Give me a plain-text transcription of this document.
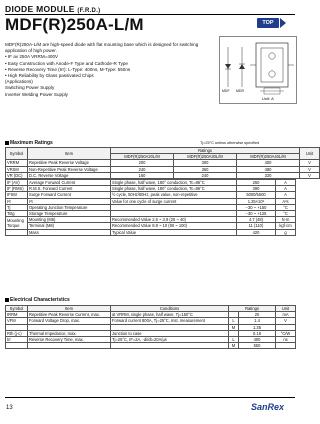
DIODE MODULE (F.R.D.)
MDF(R)250A-L/M	TOP
MDF(R)250A-L/M are high-speed diode with flat mounting base which is designed for switching application of high power.
• IF av 250A VRRM=400V
• Easy Construction with Anode-F Type and Cathode-R Type
• Reverse Recovery Time (trr): L-Type: 400ns, M-Type: 550ns
• High Reliability by Glass passivated Chips
(Applications)
Switching Power Supply
Inverter Welding Power Supply
MDF MDR
Unit: A
Maximum Ratings	Tj=25°C unless otherwise specified
Symbol	Item	Ratings			Unit
		MDF(R)250A20L/M	MDF(R)250A30L/M	MDF(R)250A40L/M	
VRRM	Repetitive Peak Reverse Voltage	200	300	400	V
VRSM	Non-Repetitive Peak Reverse Voltage	240	360	480	V
VR (DC)	D.C. Reverse Voltage	160	240	320	V
IF (AV)	Average Forward Current	Single phase, half wave, 180° conduction, Tc=86°C	250	A
IF (RMS)	R.M.S. Forward Current	Single phase, half wave, 180° conduction, Tc=86°C	390	A
IFSM	Surge Forward Current	½ cycle, 50Hz/60Hz, peak value, non-repetitive	5000/5500	A
I²t	I²t	Value for one cycle of surge current	1.25×10⁵	A²s
Tj	Operating Junction Temperature		−30 ~ +150	°C
Tstg	Storage Temperature		−30 ~ +125	°C
Mounting Torque	Mounting (M6)	Recommended Value 2.5 ~ 3.9 (25 ~ 40)	4.7 (48)	N·m
	Terminal (M8)	Recommended Value 8.8 ~ 10 (90 ~ 100)	11 (110)	kgf·cm
	Mass	Typical Value	420	g
Electrical Characteristics
Symbol	Item	Conditions	Ratings		Unit
IRRM	Repetitive Peak Reverse Current, max.	at VRRM, single phase, half wave, Tj=150°C		20	mA
VFM	Forward Voltage Drop, max.	Forward current 800A, Tj=25°C, Inst. measurement	L	1.4	V
			M	1.35	
Rth (j-c)	Thermal Impedance, max.	Junction to case		0.18	°C/W
trr	Reverse Recovery Time, max.	Tj=25°C, IF=2A, -di/dt=20A/μs	L	400	ns
			M	550	
13	SanRex
